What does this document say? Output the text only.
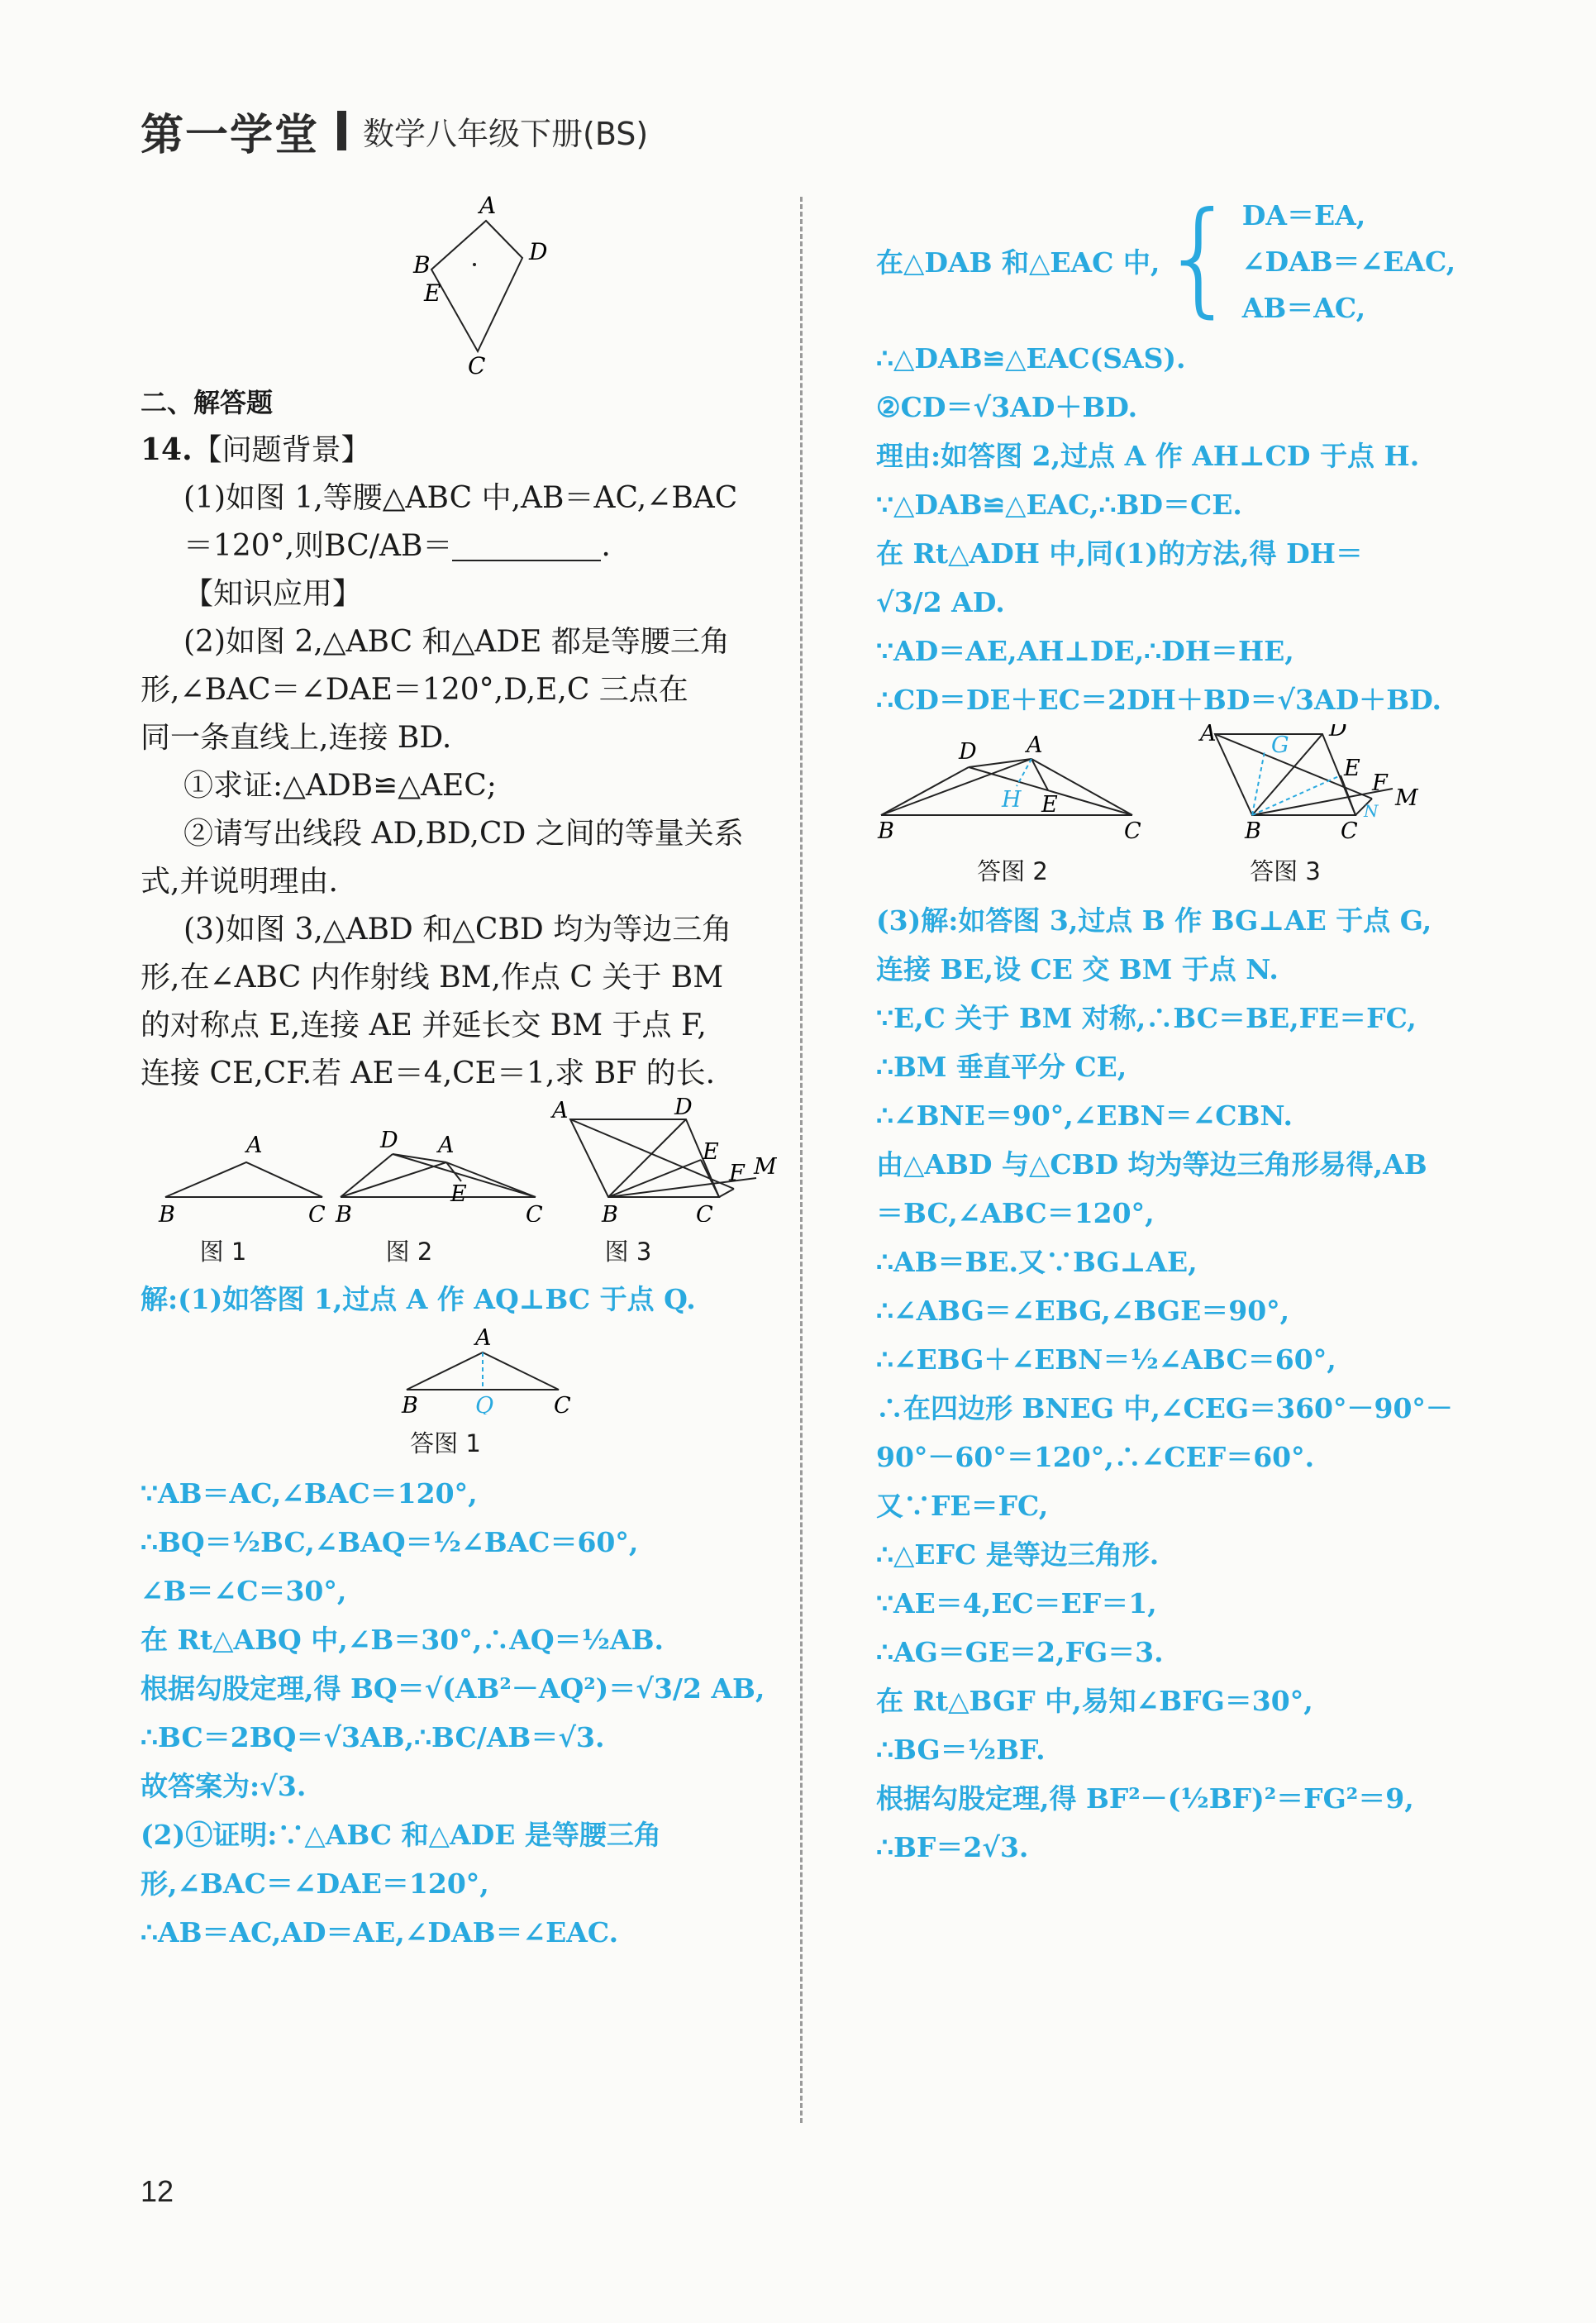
第一学堂 数学八年级下册(BS)
A
B	D
E
C
二、解答题
14.【问题背景】
(1)如图 1,等腰△ABC 中,AB＝AC,∠BAC
＝120°,则BC/AB＝	.
【知识应用】
(2)如图 2,△ABC 和△ADE 都是等腰三角
形,∠BAC＝∠DAE＝120°,D,E,C 三点在
同一条直线上,连接 BD.
①求证:△ADB≌△AEC;
②请写出线段 AD,BD,CD 之间的等量关系
式,并说明理由.
(3)如图 3,△ABD 和△CBD 均为等边三角
形,在∠ABC 内作射线 BM,作点 C 关于 BM
的对称点 E,连接 AE 并延长交 BM 于点 F,
连接 CE,CF.若 AE＝4,CE＝1,求 BF 的长.
A
B	C
D A
E
B	C
A	D
E
F M
B	C
图 1	图 2	图 3
解:(1)如答图 1,过点 A 作 AQ⊥BC 于点 Q.
A
B	Q	C
答图 1
∵AB＝AC,∠BAC＝120°,
∴BQ＝½BC,∠BAQ＝½∠BAC＝60°,
∠B＝∠C＝30°,
在 Rt△ABQ 中,∠B＝30°,∴AQ＝½AB.
根据勾股定理,得 BQ＝√(AB²－AQ²)＝√3/2 AB,
∴BC＝2BQ＝√3AB,∴BC/AB＝√3.
故答案为:√3.
(2)①证明:∵△ABC 和△ADE 是等腰三角
形,∠BAC＝∠DAE＝120°,
∴AB＝AC,AD＝AE,∠DAB＝∠EAC.
在△DAB 和△EAC 中, { DA＝EA,
∠DAB＝∠EAC,
AB＝AC,
∴△DAB≌△EAC(SAS).
②CD＝√3AD＋BD.
理由:如答图 2,过点 A 作 AH⊥CD 于点 H.
∵△DAB≌△EAC,∴BD＝CE.
在 Rt△ADH 中,同(1)的方法,得 DH＝
√3/2 AD.
∵AD＝AE,AH⊥DE,∴DH＝HE,
∴CD＝DE＋EC＝2DH＋BD＝√3AD＋BD.
D A
H E
B	C
A G
D
E
F
M
B	C
N
答图 2	答图 3
(3)解:如答图 3,过点 B 作 BG⊥AE 于点 G,
连接 BE,设 CE 交 BM 于点 N.
∵E,C 关于 BM 对称,∴BC＝BE,FE＝FC,
∴BM 垂直平分 CE,
∴∠BNE＝90°,∠EBN＝∠CBN.
由△ABD 与△CBD 均为等边三角形易得,AB
＝BC,∠ABC＝120°,
∴AB＝BE.又∵BG⊥AE,
∴∠ABG＝∠EBG,∠BGE＝90°,
∴∠EBG＋∠EBN＝½∠ABC＝60°,
∴在四边形 BNEG 中,∠CEG＝360°－90°－
90°－60°＝120°,∴∠CEF＝60°.
又∵FE＝FC,
∴△EFC 是等边三角形.
∵AE＝4,EC＝EF＝1,
∴AG＝GE＝2,FG＝3.
在 Rt△BGF 中,易知∠BFG＝30°,
∴BG＝½BF.
根据勾股定理,得 BF²－(½BF)²＝FG²＝9,
∴BF＝2√3.
12
